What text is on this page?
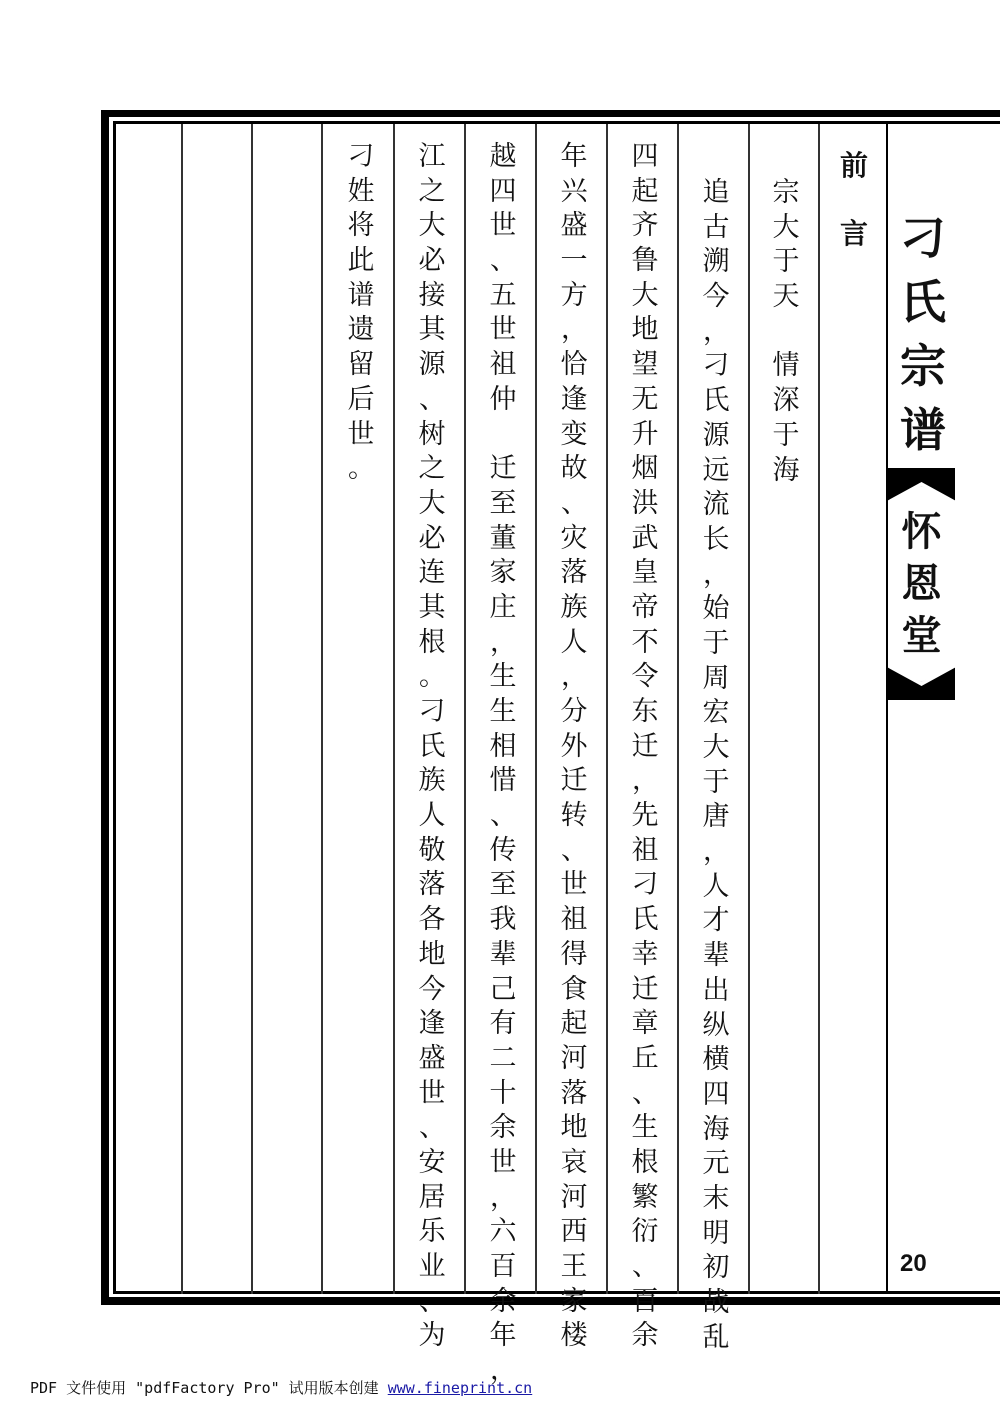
前
言
宗
大
于
天
情
深
于
海
追
古
溯
今
，
刁
氏
源
远
流
长
，
始
于
周
宏
大
于
唐
，
人
才
辈
出
纵
横
四
海
元
末
明
初
战
乱
四
起
齐
鲁
大
地
望
无
升
烟
洪
武
皇
帝
不
令
东
迁
，
先
祖
刁
氏
幸
迁
章
丘
、
生
根
繁
衍
、
百
余
年
兴
盛
一
方
，
恰
逢
变
故
、
灾
落
族
人
，
分
外
迁
转
、
世
祖
得
食
起
河
落
地
哀
河
西
王
家
楼
越
四
世
、
五
世
祖
仲
迁
至
董
家
庄
，
生
生
相
惜
、
传
至
我
辈
己
有
二
十
余
世
，
六
百
余
年
，
江
之
大
必
接
其
源
、
树
之
大
必
连
其
根
。
刁
氏
族
人
敬
落
各
地
今
逢
盛
世
、
安
居
乐
业
、
为
刁
姓
将
此
谱
遗
留
后
世
。
刁
氏
宗
谱
怀
恩
堂
20
PDF 文件使用 "pdfFactory Pro" 试用版本创建 www.fineprint.cn
